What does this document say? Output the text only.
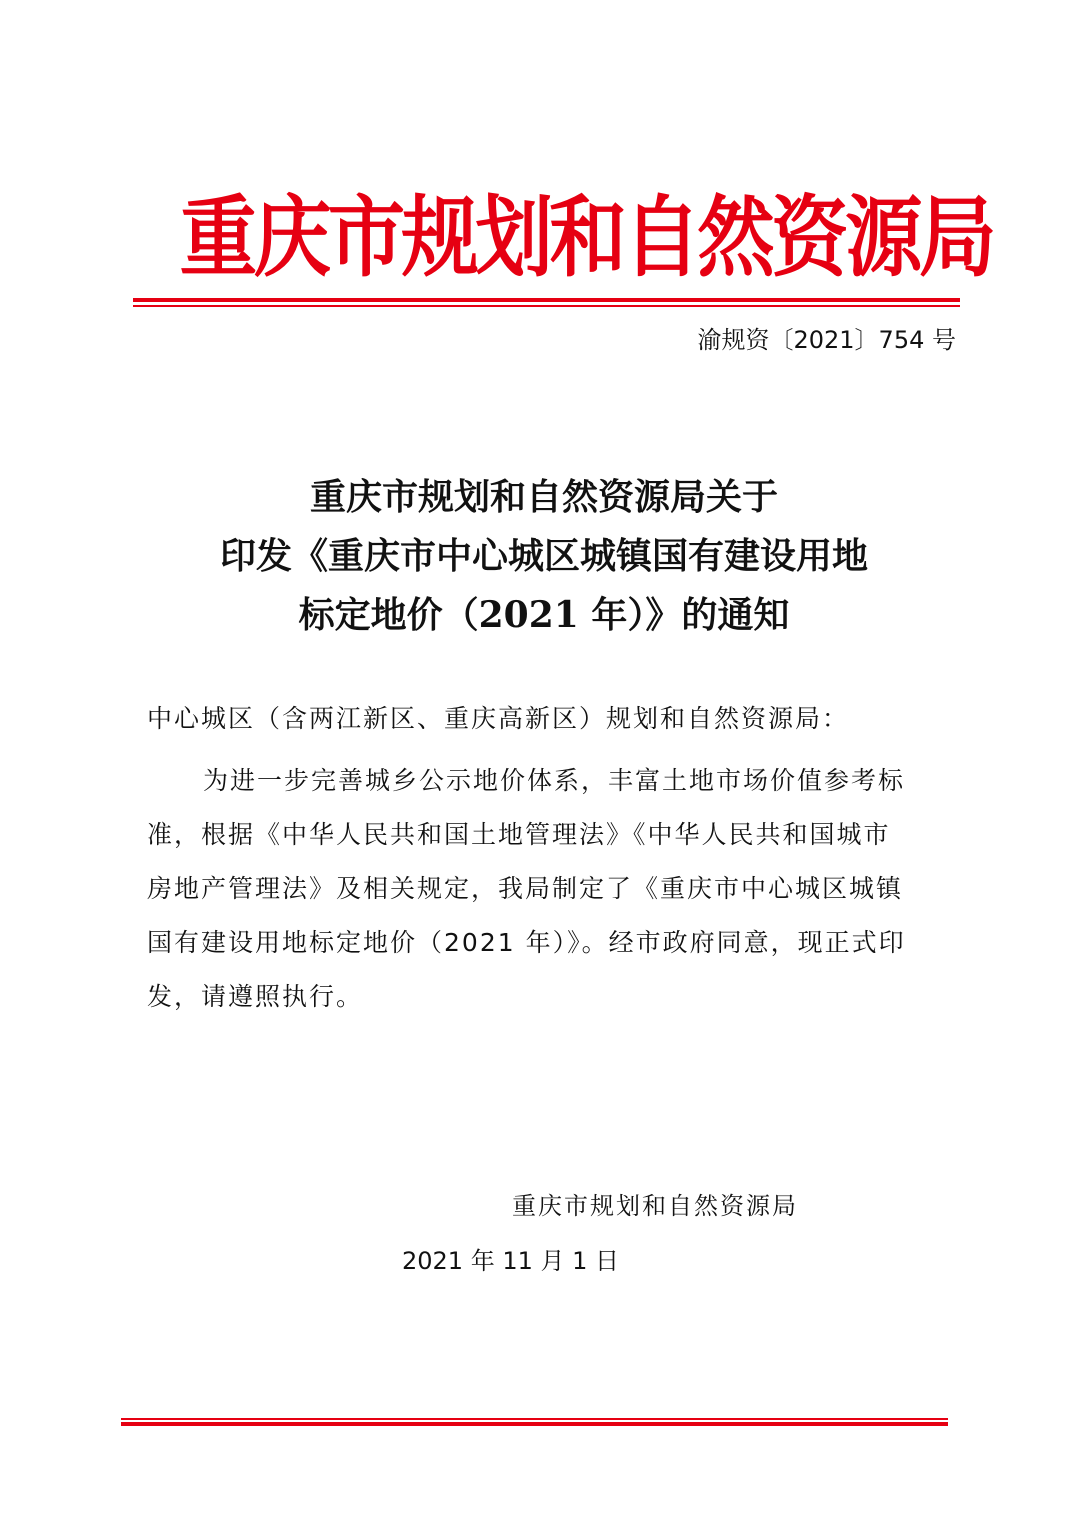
重庆市规划和自然资源局
渝规资〔2021〕754 号
重庆市规划和自然资源局关于
印发《重庆市中心城区城镇国有建设用地
标定地价（2021 年）》的通知
中心城区（含两江新区、重庆高新区）规划和自然资源局：
为进一步完善城乡公示地价体系，丰富土地市场价值参考标
准，根据《中华人民共和国土地管理法》《中华人民共和国城市
房地产管理法》及相关规定，我局制定了《重庆市中心城区城镇
国有建设用地标定地价（2021 年）》。经市政府同意，现正式印
发，请遵照执行。
重庆市规划和自然资源局
2021 年 11 月 1 日
